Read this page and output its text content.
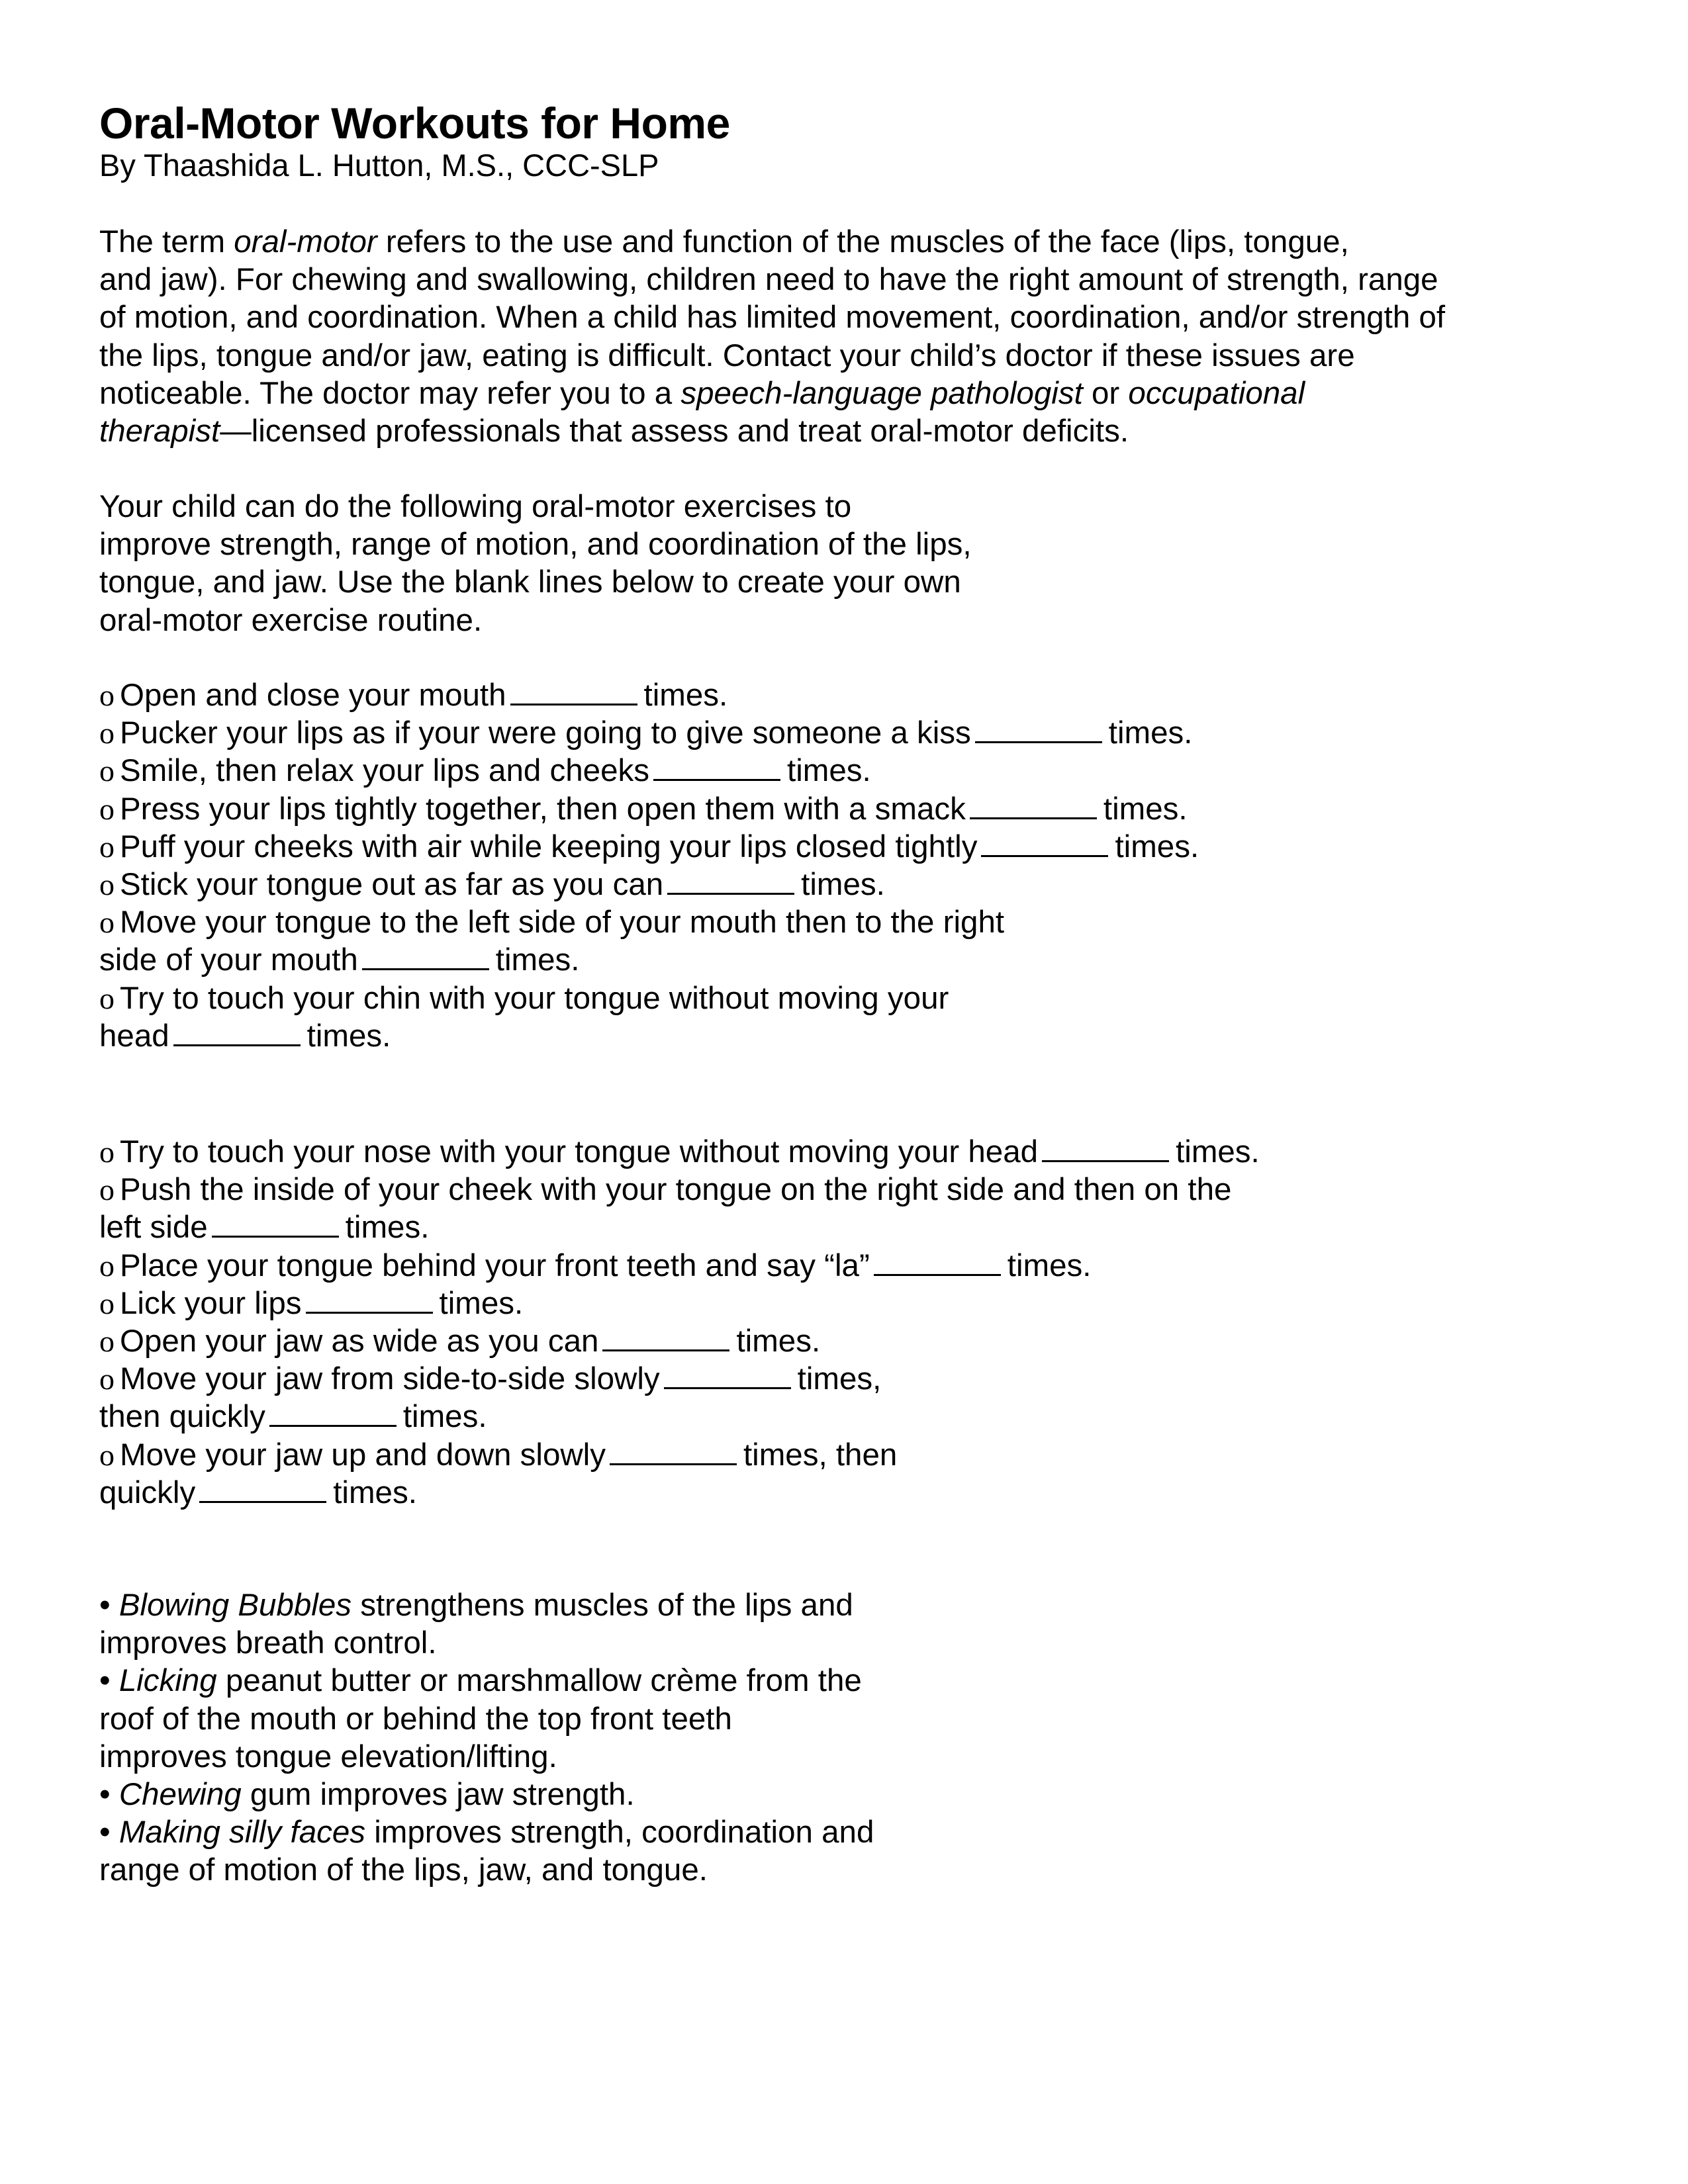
Oral-Motor Workouts for Home

By Thaashida L. Hutton, M.S., CCC-SLP

The term oral-motor refers to the use and function of the muscles of the face (lips, tongue,
and jaw). For chewing and swallowing, children need to have the right amount of strength, range
of motion, and coordination. When a child has limited movement, coordination, and/or strength of
the lips, tongue and/or jaw, eating is difficult. Contact your child’s doctor if these issues are
noticeable. The doctor may refer you to a speech-language pathologist or occupational
therapist—licensed professionals that assess and treat oral-motor deficits.
Your child can do the following oral-motor exercises to
improve strength, range of motion, and coordination of the lips,
tongue, and jaw. Use the blank lines below to create your own
oral-motor exercise routine.
o Open and close your mouth	times.
o Pucker your lips as if your were going to give someone a kiss	times.
o Smile, then relax your lips and cheeks	times.
o Press your lips tightly together, then open them with a smack	times.
o Puff your cheeks with air while keeping your lips closed tightly	times.
o Stick your tongue out as far as you can	times.
o Move your tongue to the left side of your mouth then to the right
side of your mouth	times.
o Try to touch your chin with your tongue without moving your
head	times.
o Try to touch your nose with your tongue without moving your head	times.
o Push the inside of your cheek with your tongue on the right side and then on the
left side	times.
o Place your tongue behind your front teeth and say “la”	times.
o Lick your lips	times.
o Open your jaw as wide as you can	times.
o Move your jaw from side-to-side slowly	times,
then quickly	times.
o Move your jaw up and down slowly	times, then
quickly	times.
• Blowing Bubbles strengthens muscles of the lips and
improves breath control.
• Licking peanut butter or marshmallow crème from the
roof of the mouth or behind the top front teeth
improves tongue elevation/lifting.
• Chewing gum improves jaw strength.
• Making silly faces improves strength, coordination and
range of motion of the lips, jaw, and tongue.
